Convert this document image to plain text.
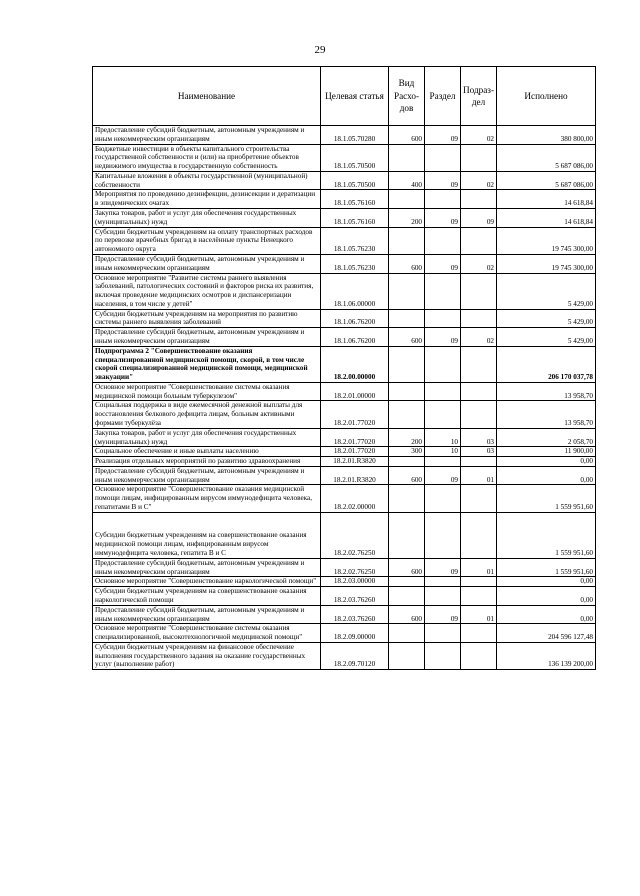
29
Наименование	Целевая статья	Вид Расхо-дов	Раздел	Подраз-дел	Исполнено
Предоставление субсидий бюджетным, автономным учреждениям и иным некоммерческим организациям	18.1.05.70280	600	09	02	380 800,00
Бюджетные инвестиции в объекты капитального строительства государственной собственности и (или) на приобретение объектов недвижимого имущества в государственную собственность	18.1.05.70500				5 687 086,00
Капитальные вложения в объекты государственной (муниципальной) собственности	18.1.05.70500	400	09	02	5 687 086,00
Мероприятия по проведению дезинфекции, дезинсекции и дератизации в эпидемических очагах	18.1.05.76160				14 618,84
Закупка товаров, работ и услуг для обеспечения государственных (муниципальных) нужд	18.1.05.76160	200	09	09	14 618,84
Субсидии бюджетным учреждениям на оплату транспортных расходов по перевозке врачебных бригад в населённые пункты Ненецкого автономного округа	18.1.05.76230				19 745 300,00
Предоставление субсидий бюджетным, автономным учреждениям и иным некоммерческим организациям	18.1.05.76230	600	09	02	19 745 300,00
Основное мероприятие "Развитие системы раннего выявления заболеваний, патологических состояний и факторов риска их развития, включая проведение медицинских осмотров и диспансеризации населения, в том числе у детей"	18.1.06.00000				5 429,00
Субсидии бюджетным учреждениям на мероприятия по развитию системы раннего выявления заболеваний	18.1.06.76200				5 429,00
Предоставление субсидий бюджетным, автономным учреждениям и иным некоммерческим организациям	18.1.06.76200	600	09	02	5 429,00
Подпрограмма 2 "Совершенствование оказания специализированной медицинской помощи, скорой, в том числе скорой специализированной медицинской помощи, медицинской эвакуации"	18.2.00.00000				206 170 037,78
Основное мероприятие "Совершенствование системы оказания медицинской помощи больным туберкулезом"	18.2.01.00000				13 958,70
Социальная поддержка в виде ежемесячной денежной выплаты для восстановления белкового дефицита лицам, больным активными формами туберкулёза	18.2.01.77020				13 958,70
Закупка товаров, работ и услуг для обеспечения государственных (муниципальных) нужд	18.2.01.77020	200	10	03	2 058,70
Социальное обеспечение и иные выплаты населению	18.2.01.77020	300	10	03	11 900,00
Реализация отдельных мероприятий по развитию здравоохранения	18.2.01.R3820				0,00
Предоставление субсидий бюджетным, автономным учреждениям и иным некоммерческим организациям	18.2.01.R3820	600	09	01	0,00
Основное мероприятие "Совершенствование оказания медицинской помощи лицам, инфицированным вирусом иммунодефицита человека, гепатитами В и С"	18.2.02.00000				1 559 951,60
Субсидии бюджетным учреждениям на совершенствование оказания медицинской помощи лицам, инфицированным вирусом иммунодефицита человека, гепатита В и С	18.2.02.76250				1 559 951,60
Предоставление субсидий бюджетным, автономным учреждениям и иным некоммерческим организациям	18.2.02.76250	600	09	01	1 559 951,60
Основное мероприятие "Совершенствование наркологической помощи"	18.2.03.00000				0,00
Субсидии бюджетным учреждениям на совершенствование оказания наркологической помощи	18.2.03.76260				0,00
Предоставление субсидий бюджетным, автономным учреждениям и иным некоммерческим организациям	18.2.03.76260	600	09	01	0,00
Основное мероприятие "Совершенствование системы оказания специализированной, высокотехнологичной медицинской помощи"	18.2.09.00000				204 596 127,48
Субсидии бюджетным учреждениям на финансовое обеспечение выполнения государственного задания на оказание государственных услуг (выполнение работ)	18.2.09.70120				136 139 200,00
